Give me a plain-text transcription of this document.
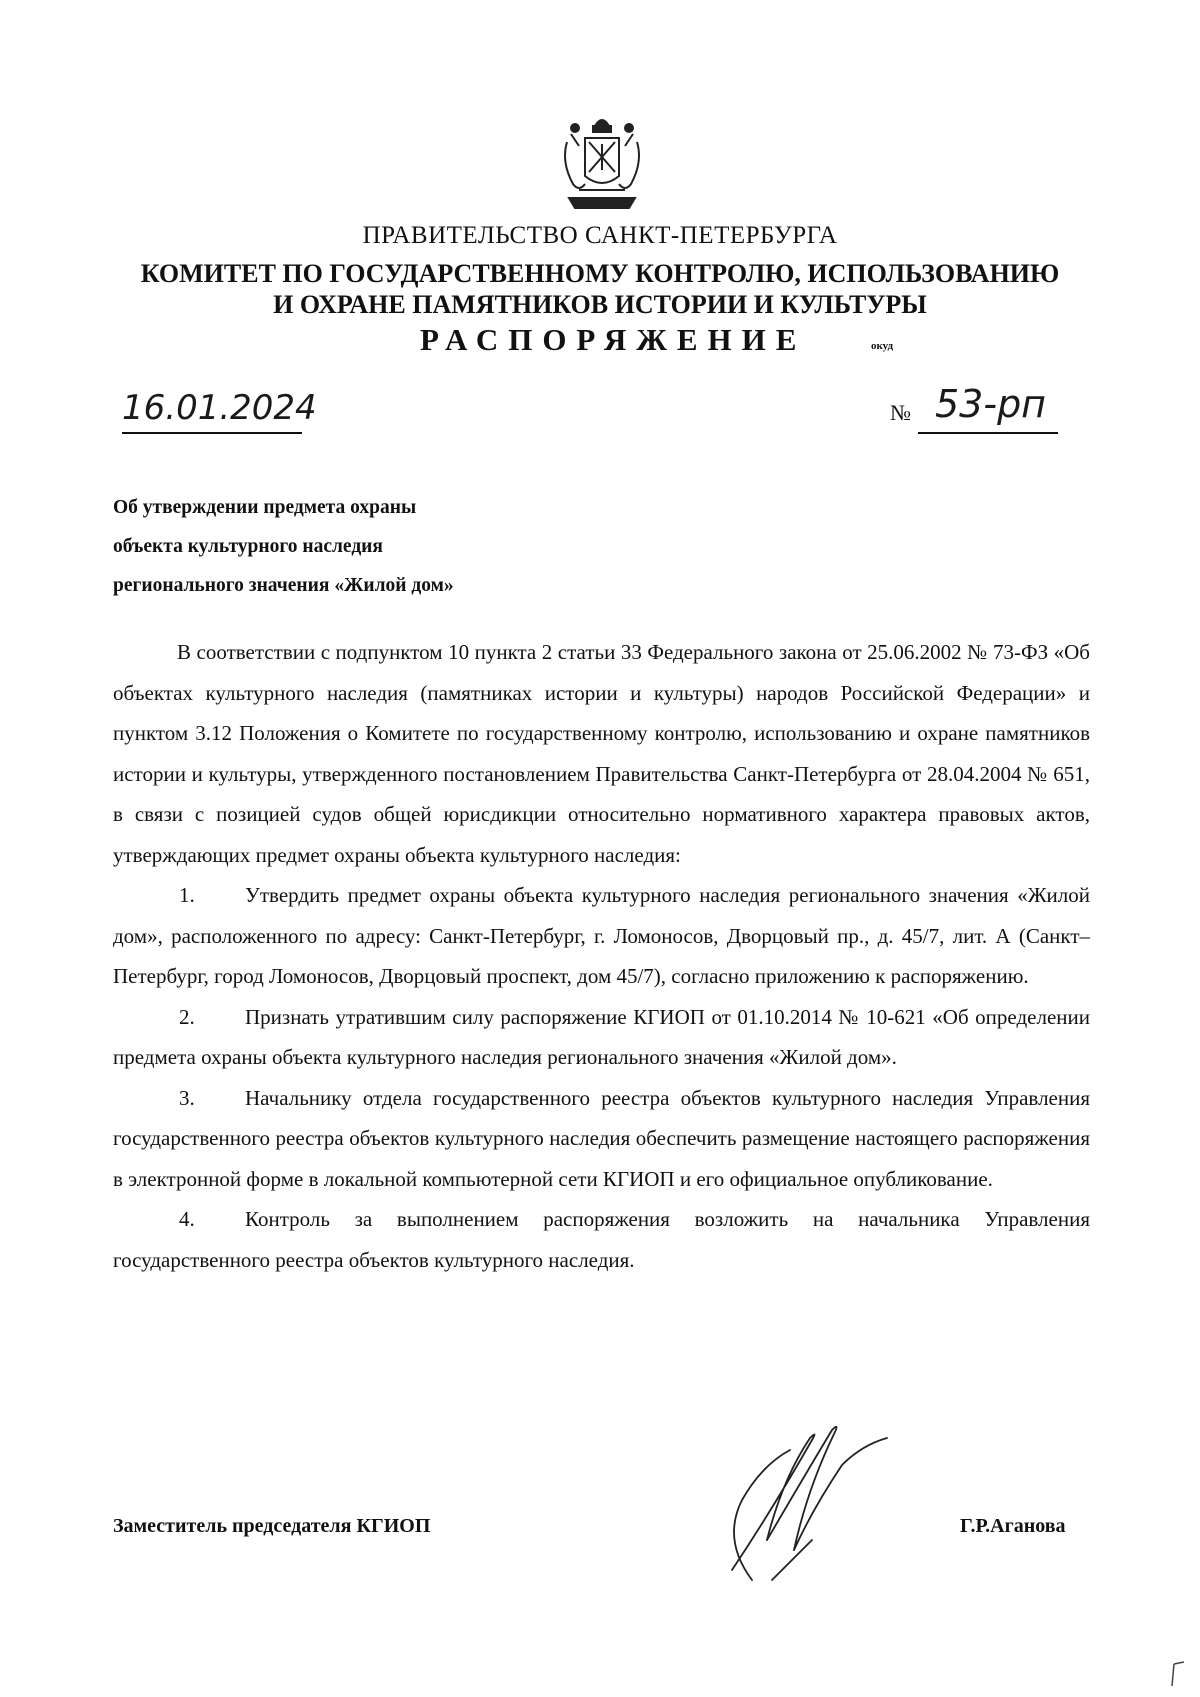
ПРАВИТЕЛЬСТВО САНКТ-ПЕТЕРБУРГА
КОМИТЕТ ПО ГОСУДАРСТВЕННОМУ КОНТРОЛЮ, ИСПОЛЬЗОВАНИЮ
И ОХРАНЕ ПАМЯТНИКОВ ИСТОРИИ И КУЛЬТУРЫ
РАСПОРЯЖЕНИЕ	окуд
16.01.2024	№ 53-рп
Об утверждении предмета охраны
объекта культурного наследия
регионального значения «Жилой дом»

В соответствии с подпунктом 10 пункта 2 статьи 33 Федерального закона от 25.06.2002 № 73-ФЗ «Об объектах культурного наследия (памятниках истории и культуры) народов Российской Федерации» и пунктом 3.12 Положения о Комитете по государственному контролю, использованию и охране памятников истории и культуры, утвержденного постановлением Правительства Санкт-Петербурга от 28.04.2004 № 651, в связи с позицией судов общей юрисдикции относительно нормативного характера правовых актов, утверждающих предмет охраны объекта культурного наследия:

1. Утвердить предмет охраны объекта культурного наследия регионального значения «Жилой дом», расположенного по адресу: Санкт-Петербург, г. Ломоносов, Дворцовый пр., д. 45/7, лит. А (Санкт–Петербург, город Ломоносов, Дворцовый проспект, дом 45/7), согласно приложению к распоряжению.

2. Признать утратившим силу распоряжение КГИОП от 01.10.2014 № 10-621 «Об определении предмета охраны объекта культурного наследия регионального значения «Жилой дом».

3. Начальнику отдела государственного реестра объектов культурного наследия Управления государственного реестра объектов культурного наследия обеспечить размещение настоящего распоряжения в электронной форме в локальной компьютерной сети КГИОП и его официальное опубликование.

4. Контроль за выполнением распоряжения возложить на начальника Управления государственного реестра объектов культурного наследия.

Заместитель председателя КГИОП	Г.Р.Аганова
